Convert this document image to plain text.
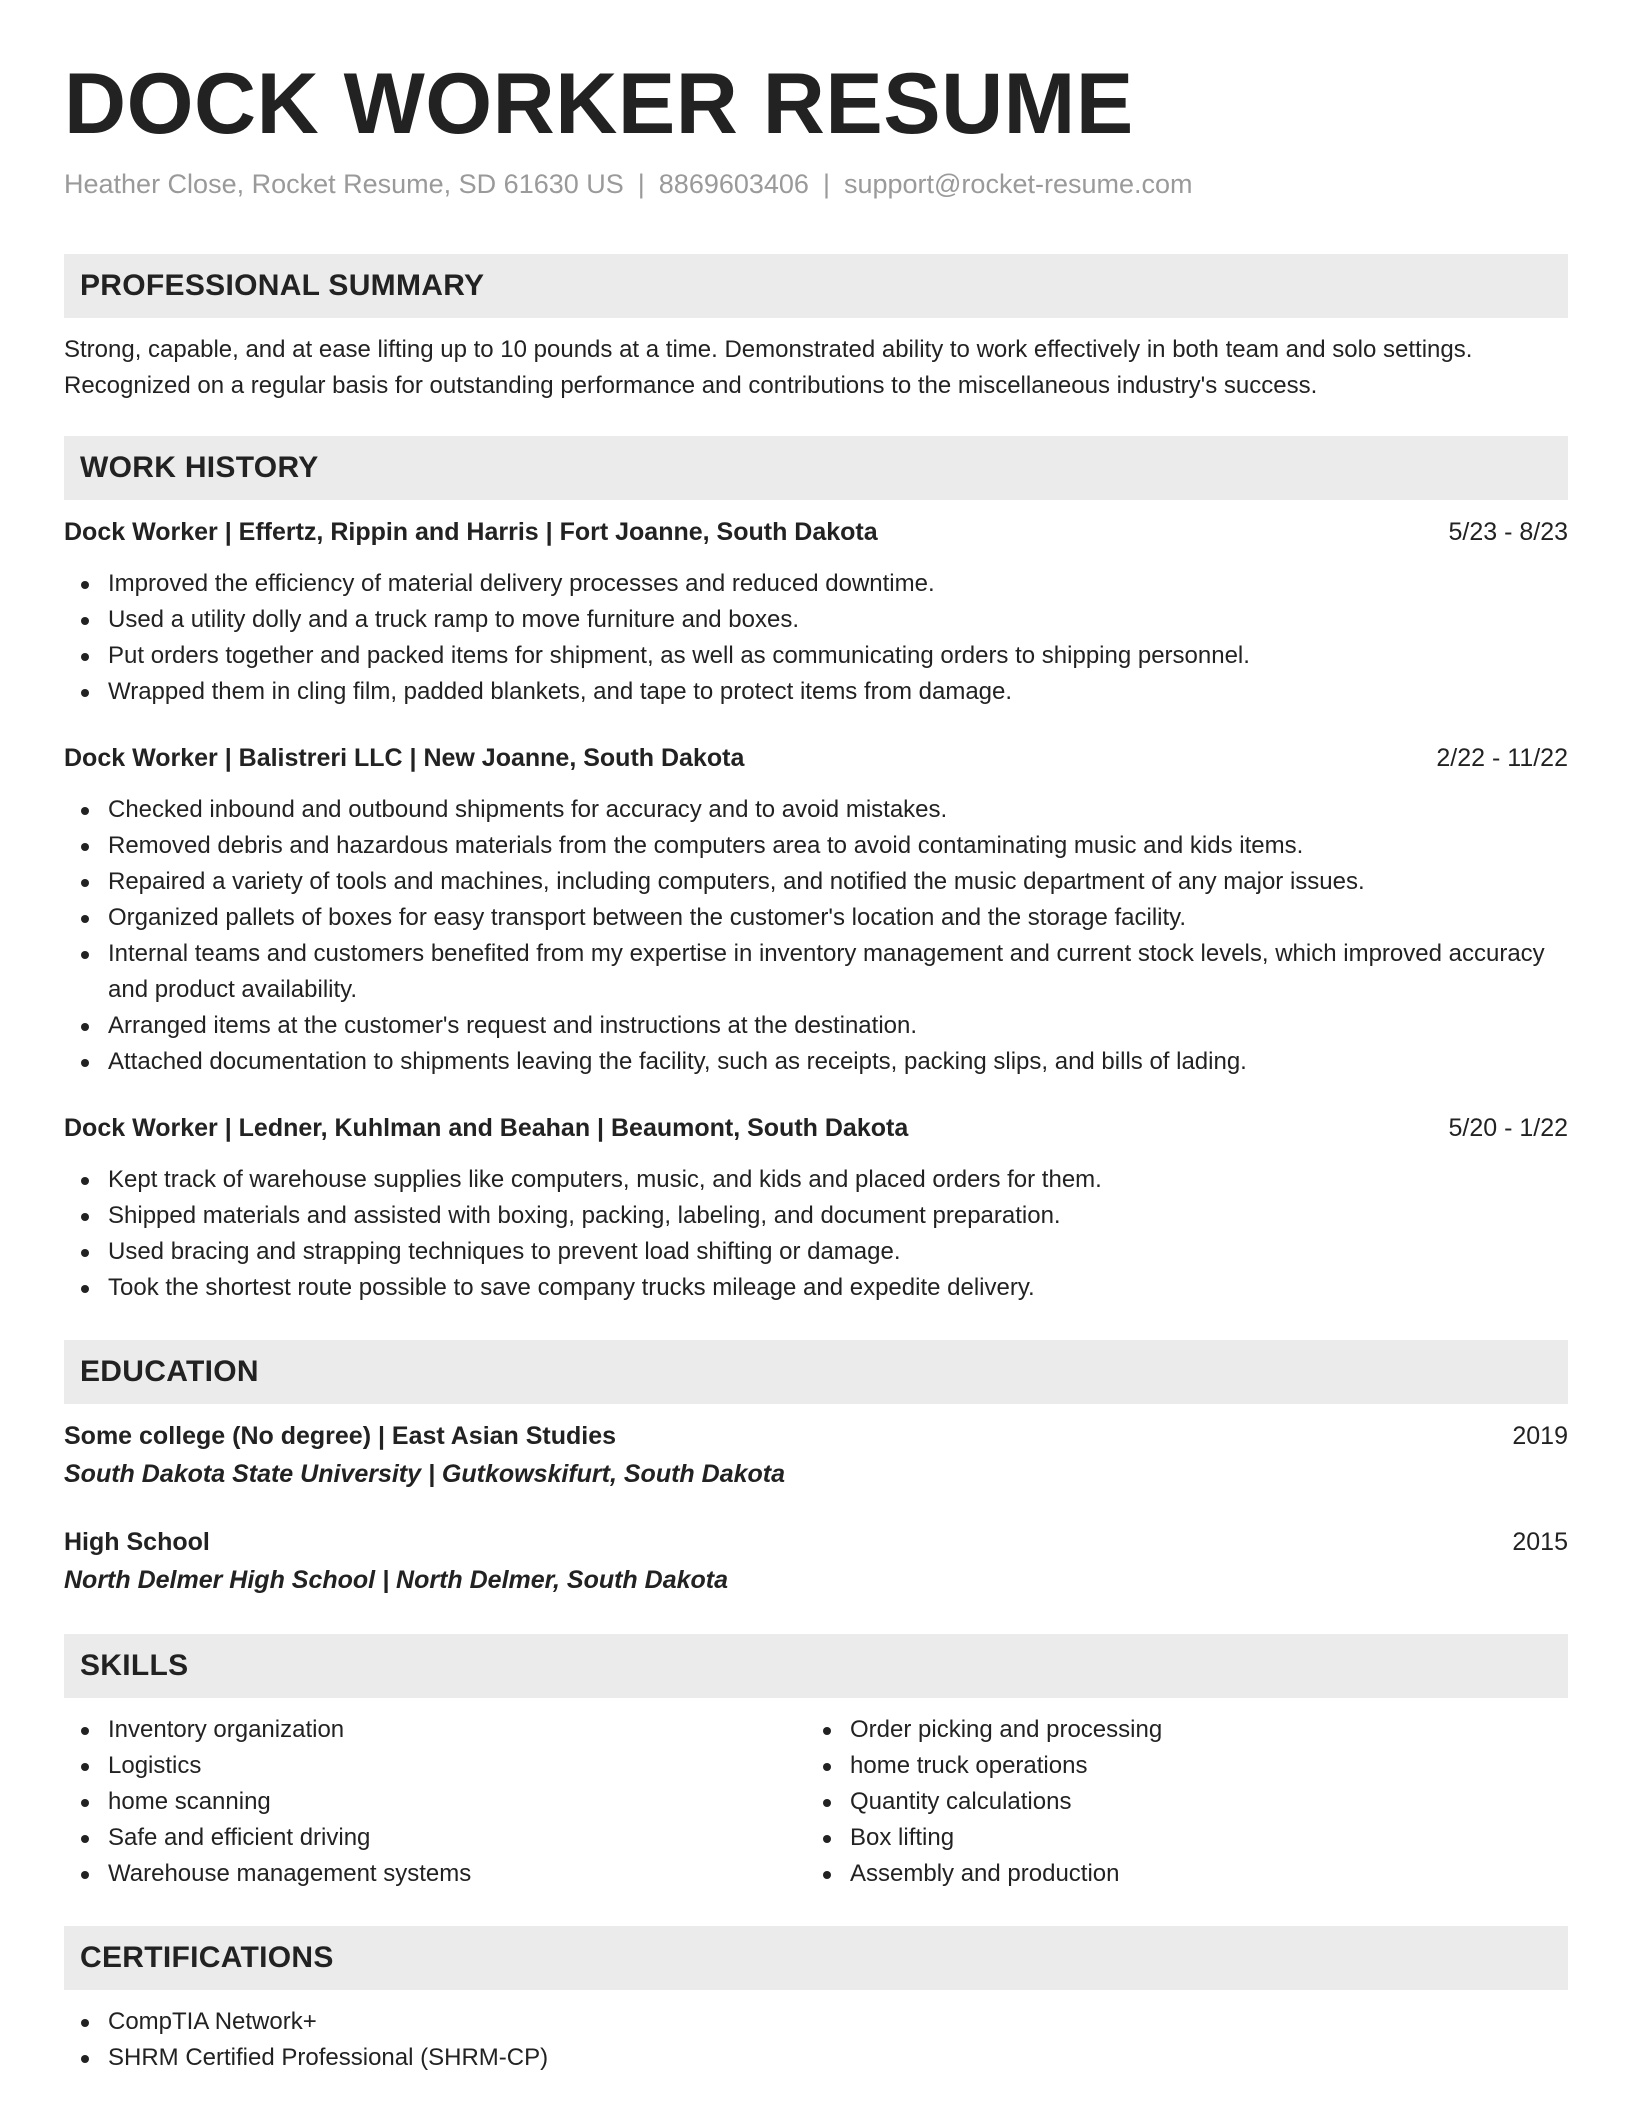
DOCK WORKER RESUME
Heather Close, Rocket Resume, SD 61630 US | 8869603406 | support@rocket-resume.com
PROFESSIONAL SUMMARY

Strong, capable, and at ease lifting up to 10 pounds at a time. Demonstrated ability to work effectively in both team and solo settings. Recognized on a regular basis for outstanding performance and contributions to the miscellaneous industry's success.

WORK HISTORY
Dock Worker | Effertz, Rippin and Harris | Fort Joanne, South Dakota	5/23 - 8/23
Improved the efficiency of material delivery processes and reduced downtime.
Used a utility dolly and a truck ramp to move furniture and boxes.
Put orders together and packed items for shipment, as well as communicating orders to shipping personnel.
Wrapped them in cling film, padded blankets, and tape to protect items from damage.
Dock Worker | Balistreri LLC | New Joanne, South Dakota	2/22 - 11/22
Checked inbound and outbound shipments for accuracy and to avoid mistakes.
Removed debris and hazardous materials from the computers area to avoid contaminating music and kids items.
Repaired a variety of tools and machines, including computers, and notified the music department of any major issues.
Organized pallets of boxes for easy transport between the customer's location and the storage facility.
Internal teams and customers benefited from my expertise in inventory management and current stock levels, which improved accuracy and product availability.
Arranged items at the customer's request and instructions at the destination.
Attached documentation to shipments leaving the facility, such as receipts, packing slips, and bills of lading.
Dock Worker | Ledner, Kuhlman and Beahan | Beaumont, South Dakota	5/20 - 1/22
Kept track of warehouse supplies like computers, music, and kids and placed orders for them.
Shipped materials and assisted with boxing, packing, labeling, and document preparation.
Used bracing and strapping techniques to prevent load shifting or damage.
Took the shortest route possible to save company trucks mileage and expedite delivery.
EDUCATION
Some college (No degree) | East Asian Studies	2019
South Dakota State University | Gutkowskifurt, South Dakota
High School	2015
North Delmer High School | North Delmer, South Dakota
SKILLS
Inventory organization
Logistics
home scanning
Safe and efficient driving
Warehouse management systems
Order picking and processing
home truck operations
Quantity calculations
Box lifting
Assembly and production
CERTIFICATIONS
CompTIA Network+
SHRM Certified Professional (SHRM-CP)
